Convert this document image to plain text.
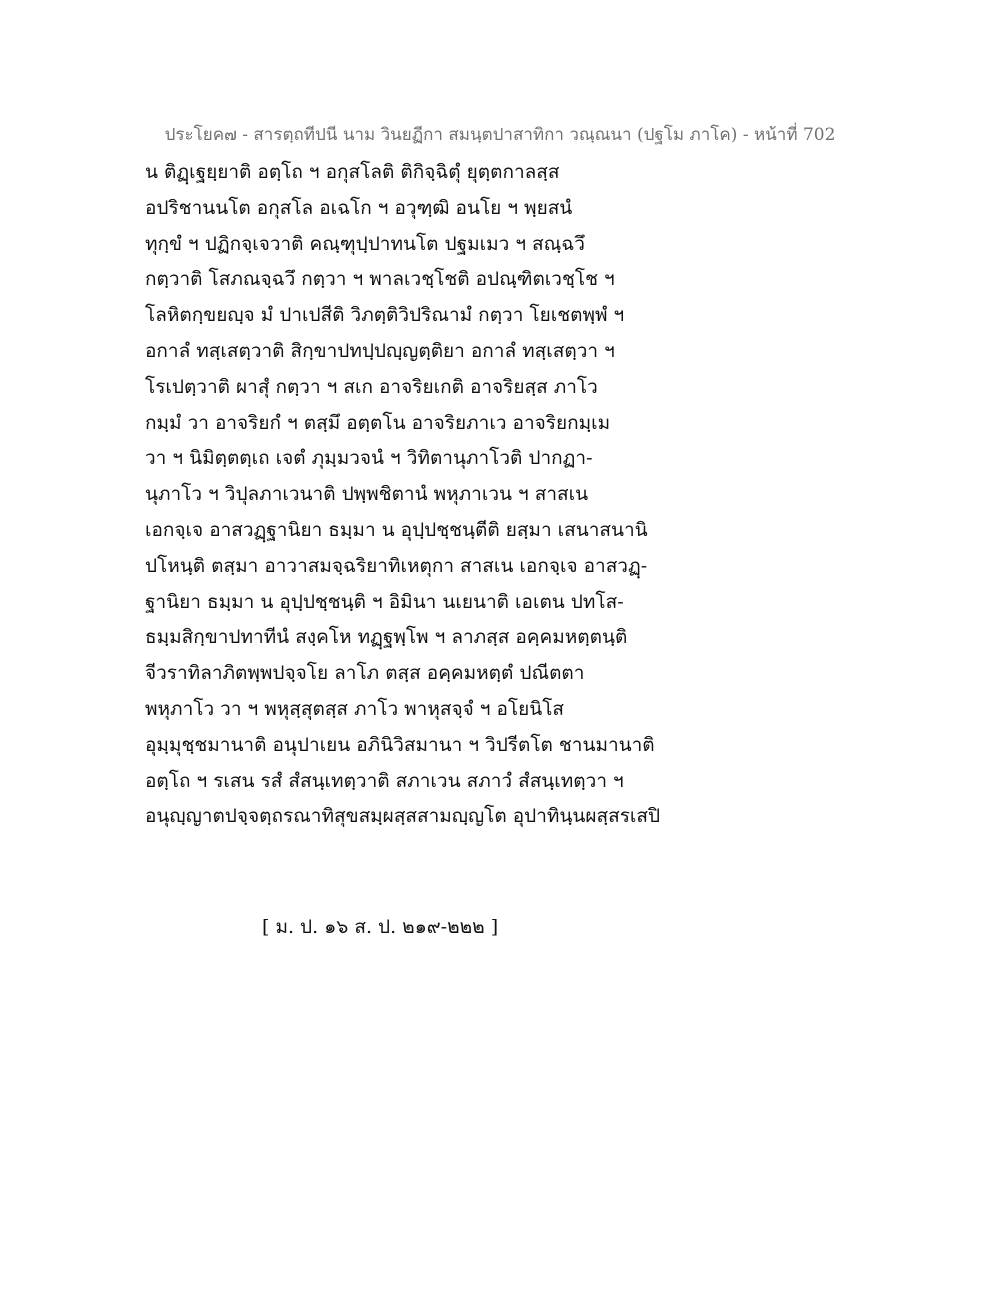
ประโยค๗ - สารตฺถทีปนี นาม วินยฏีกา สมนฺตปาสาทิกา วณฺณนา (ปฐโม ภาโค) - หน้าที่ 702
น ติฏฺเฐยฺยาติ อตฺโถ ฯ อกุสโลติ ติกิจฺฉิตุํ ยุตฺตกาลสฺส
อปริชานนโต อกุสโล อเฉโก ฯ อวุฑฺฒิ อนโย ฯ พฺยสนํ
ทุกฺขํ ฯ ปฏิกจฺเจวาติ คณฺฑุปฺปาทนโต ปฐมเมว ฯ สณฺฉวึ
กตฺวาติ โสภณจฺฉวึ กตฺวา ฯ พาลเวชฺโชติ อปณฺฑิตเวชฺโช ฯ
โลหิตกฺขยญฺจ มํ ปาเปสีติ วิภตฺติวิปริณามํ กตฺวา โยเชตพฺพํ ฯ
อกาลํ ทสฺเสตฺวาติ สิกฺขาปทปฺปญฺญตฺติยา อกาลํ ทสฺเสตฺวา ฯ
โรเปตฺวาติ ผาสุํ กตฺวา ฯ สเก อาจริยเกติ อาจริยสฺส ภาโว
กมฺมํ วา อาจริยกํ ฯ ตสฺมึ อตฺตโน อาจริยภาเว อาจริยกมฺเม
วา ฯ นิมิตฺตตฺเถ เจตํ ภุมฺมวจนํ ฯ วิทิตานุภาโวติ ปากฏา-
นุภาโว ฯ วิปุลภาเวนาติ ปพฺพชิตานํ พหุภาเวน ฯ สาสเน
เอกจฺเจ อาสวฏฺฐานิยา ธมฺมา น อุปฺปชฺชนฺตีติ ยสฺมา เสนาสนานิ
ปโหนฺติ ตสฺมา อาวาสมจฺฉริยาทิเหตุกา สาสเน เอกจฺเจ อาสวฏฺ-
ฐานิยา ธมฺมา น อุปฺปชฺชนฺติ ฯ อิมินา นเยนาติ เอเตน ปทโส-
ธมฺมสิกฺขาปทาทีนํ สงฺคโห ทฏฺฐพฺโพ ฯ ลาภสฺส อคฺคมหตฺตนฺติ
จีวราทิลาภิตพฺพปจฺจโย ลาโภ ตสฺส อคฺคมหตฺตํ ปณีตตา
พหุภาโว วา ฯ พหุสฺสุตสฺส ภาโว พาหุสจฺจํ ฯ อโยนิโส
อุมฺมุชฺชมานาติ อนุปาเยน อภินิวิสมานา ฯ วิปรีตโต ชานมานาติ
อตฺโถ ฯ รเสน รสํ สํสนฺเทตฺวาติ สภาเวน สภาวํ สํสนฺเทตฺวา ฯ
อนุญฺญาตปจฺจตฺถรณาทิสุขสมฺผสฺสสามญฺญโต อุปาทินฺนผสฺสรเสปิ
[ ม. ป. ๑๖ ส. ป. ๒๑๙-๒๒๒ ]
